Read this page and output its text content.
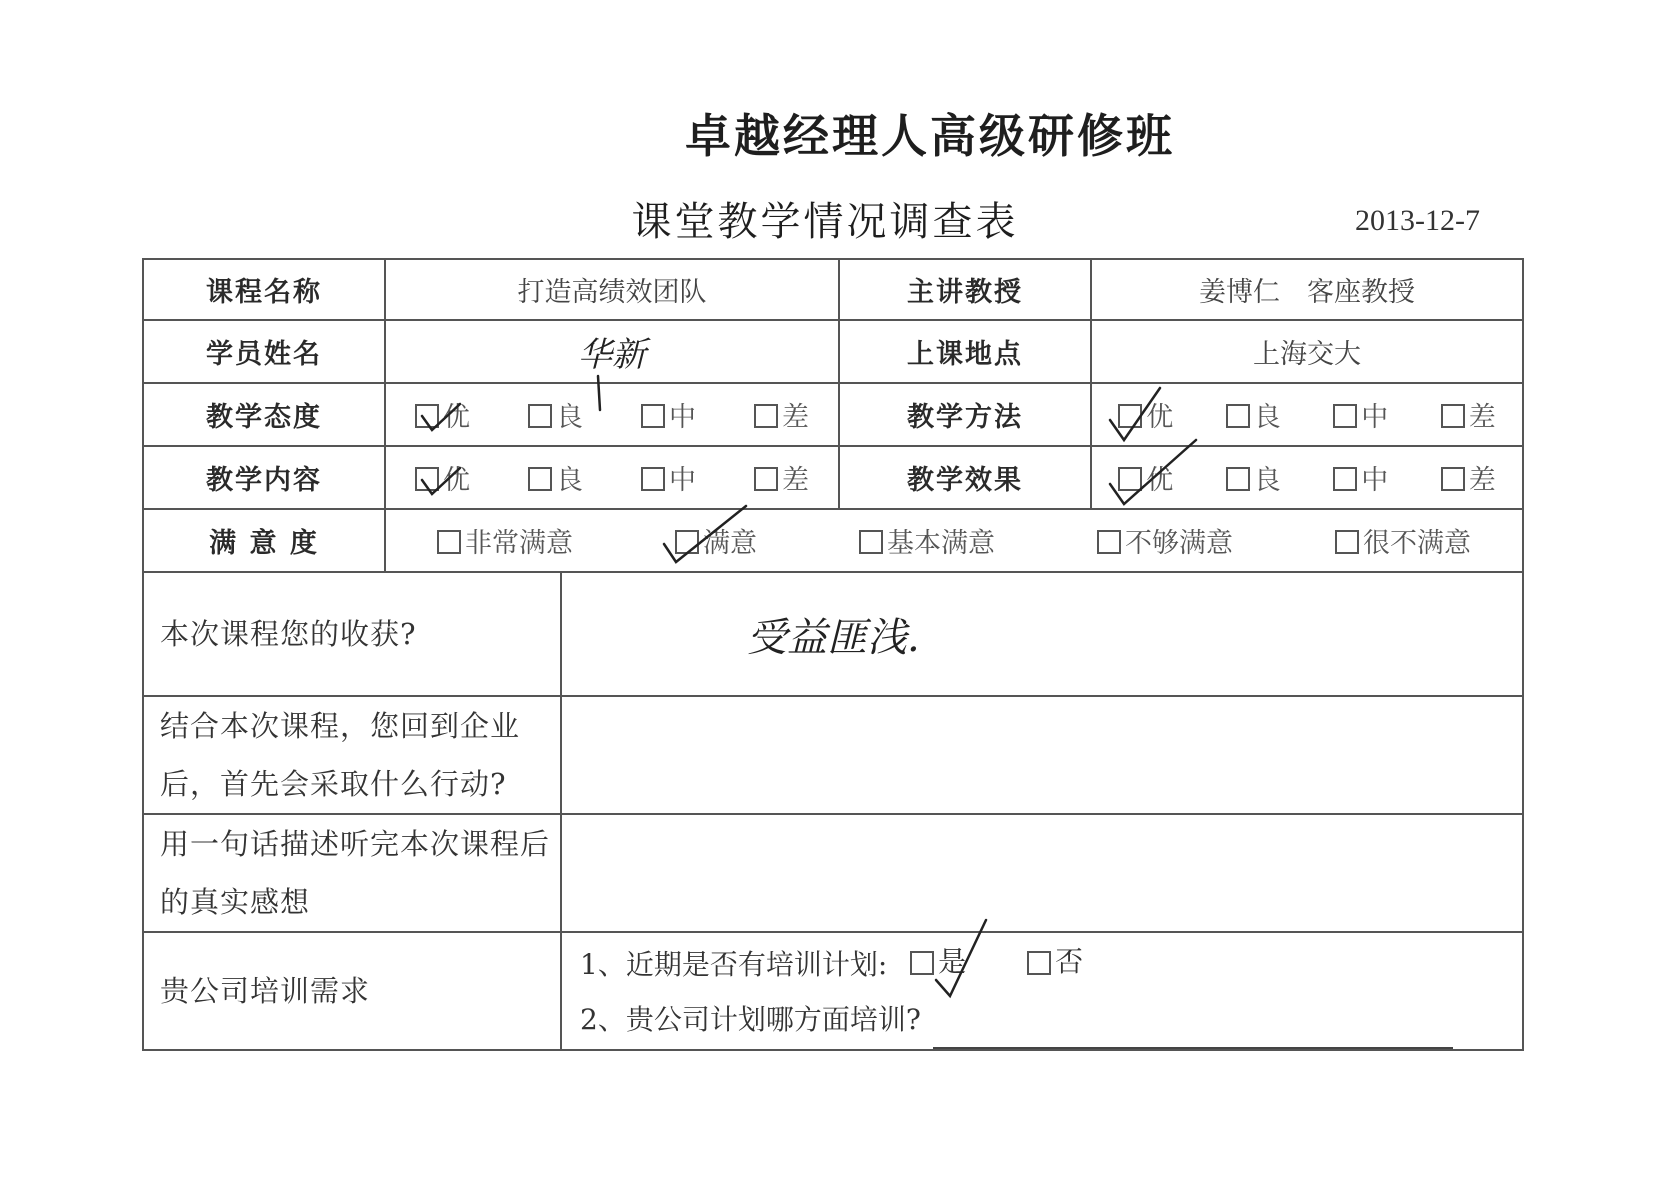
卓越经理人高级研修班
课堂教学情况调查表	2013-12-7
课程名称	打造高绩效团队		主讲教授	姜博仁　客座教授
学员姓名	华新		上课地点	上海交大
教学态度	优 良 中 差		教学方法	优 良 中 差

教学内容	优 良 中 差		教学效果	优 良 中 差

满 意 度	非常满意 满意 基本满意 不够满意 很不满意			

本次课程您的收获?		受益匪浅.		
结合本次课程，您回到企业后，首先会采取什么行动?				
用一句话描述听完本次课程后的真实感想				
贵公司培训需求		1、近期是否有培训计划: 是
否
2、贵公司计划哪方面培训?		
